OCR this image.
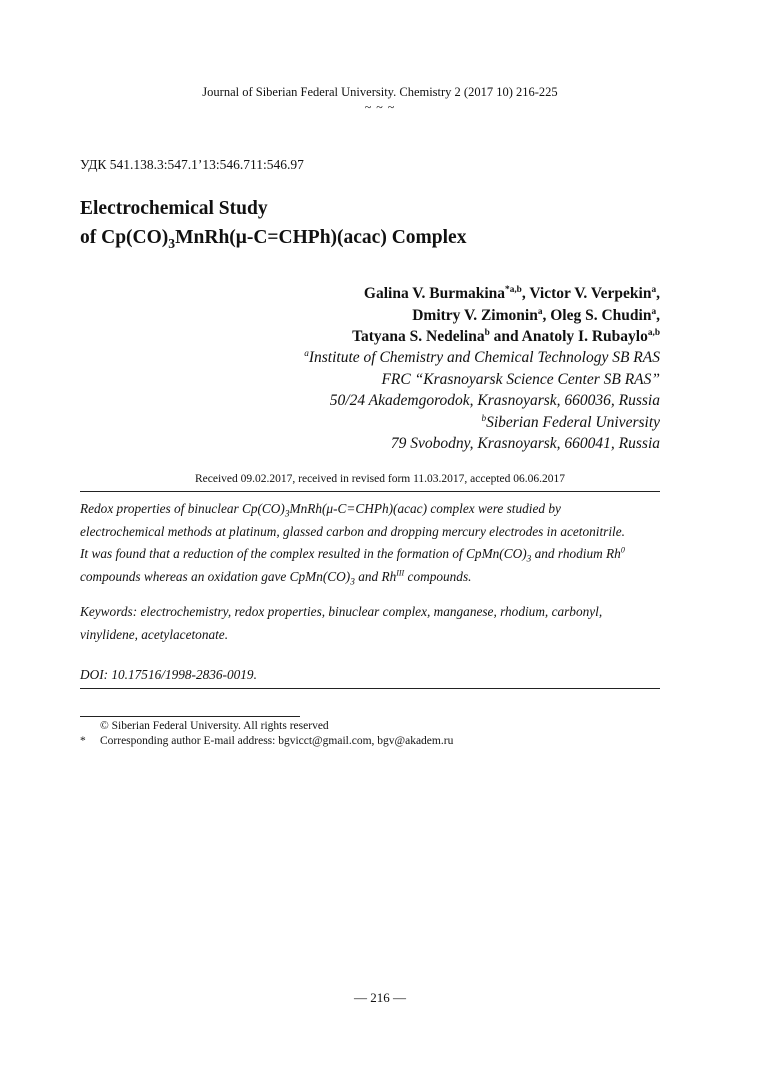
Journal of Siberian Federal University. Chemistry 2 (2017 10) 216-225
~ ~ ~
УДК 541.138.3:547.1’13:546.711:546.97
Electrochemical Study
of $Cp(CO)_3MnRh(\mu-C=CHPh)(acac)$ Complex
Galina V. Burmakina$^{*a,b}$, Victor V. Verpekin$^a$,
Dmitry V. Zimonin$^a$, Oleg S. Chudin$^a$,
Tatyana S. Nedelina$^b$ and Anatoly I. Rubaylo$^{a,b}$
$^a$Institute of Chemistry and Chemical Technology SB RAS
FRC “Krasnoyarsk Science Center SB RAS”
50/24 Akademgorodok, Krasnoyarsk, 660036, Russia
$^b$Siberian Federal University
79 Svobodny, Krasnoyarsk, 660041, Russia
Received 09.02.2017, received in revised form 11.03.2017, accepted 06.06.2017
Redox properties of binuclear $Cp(CO)_3MnRh(\mu-C=CHPh)(acac)$ complex were studied by
electrochemical methods at platinum, glassed carbon and dropping mercury electrodes in acetonitrile.
It was found that a reduction of the complex resulted in the formation of $CpMn(CO)_3$ and rhodium Rh$^0$
compounds whereas an oxidation gave $CpMn(CO)_3$ and $Rh^{III}$ compounds.
Keywords: electrochemistry, redox properties, binuclear complex, manganese, rhodium, carbonyl,
vinylidene, acetylacetonate.
DOI: 10.17516/1998-2836-0019.
© Siberian Federal University. All rights reserved
* Corresponding author E-mail address: bgvicct@gmail.com, bgv@akadem.ru
— 216 —
